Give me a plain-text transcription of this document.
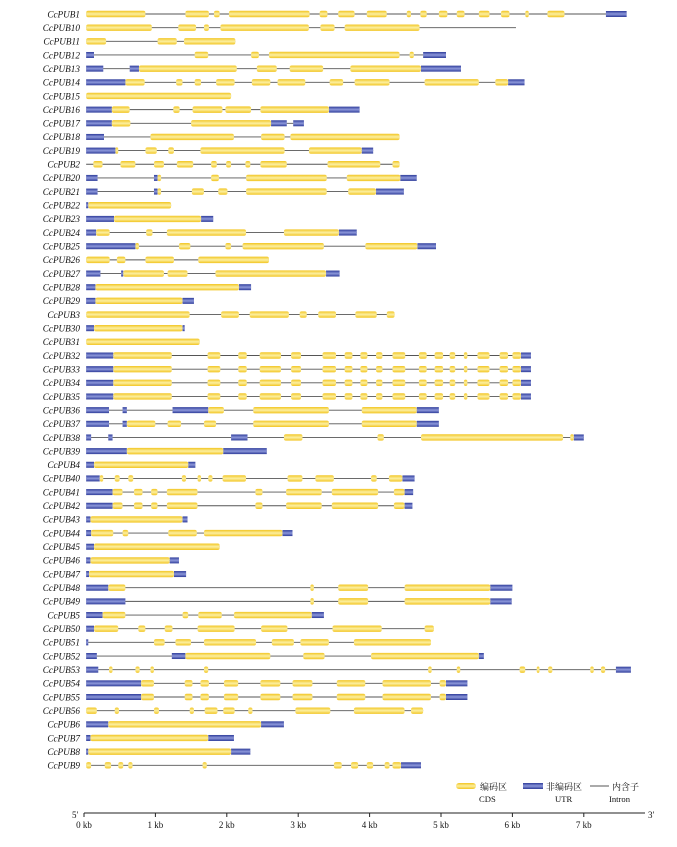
CcPUB1
CcPUB10
CcPUB11
CcPUB12
CcPUB13
CcPUB14
CcPUB15
CcPUB16
CcPUB17
CcPUB18
CcPUB19
CcPUB2
CcPUB20
CcPUB21
CcPUB22
CcPUB23
CcPUB24
CcPUB25
CcPUB26
CcPUB27
CcPUB28
CcPUB29
CcPUB3
CcPUB30
CcPUB31
CcPUB32
CcPUB33
CcPUB34
CcPUB35
CcPUB36
CcPUB37
CcPUB38
CcPUB39
CcPUB4
CcPUB40
CcPUB41
CcPUB42
CcPUB43
CcPUB44
CcPUB45
CcPUB46
CcPUB47
CcPUB48
CcPUB49
CcPUB5
CcPUB50
CcPUB51
CcPUB52
CcPUB53
CcPUB54
CcPUB55
CcPUB56
CcPUB6
CcPUB7
CcPUB8
CcPUB9
5′	3′
0 kb	1 kb	2 kb	3 kb	4 kb	5 kb	6 kb	7 kb
编码区
CDS
非编码区
UTR
内含子
Intron
